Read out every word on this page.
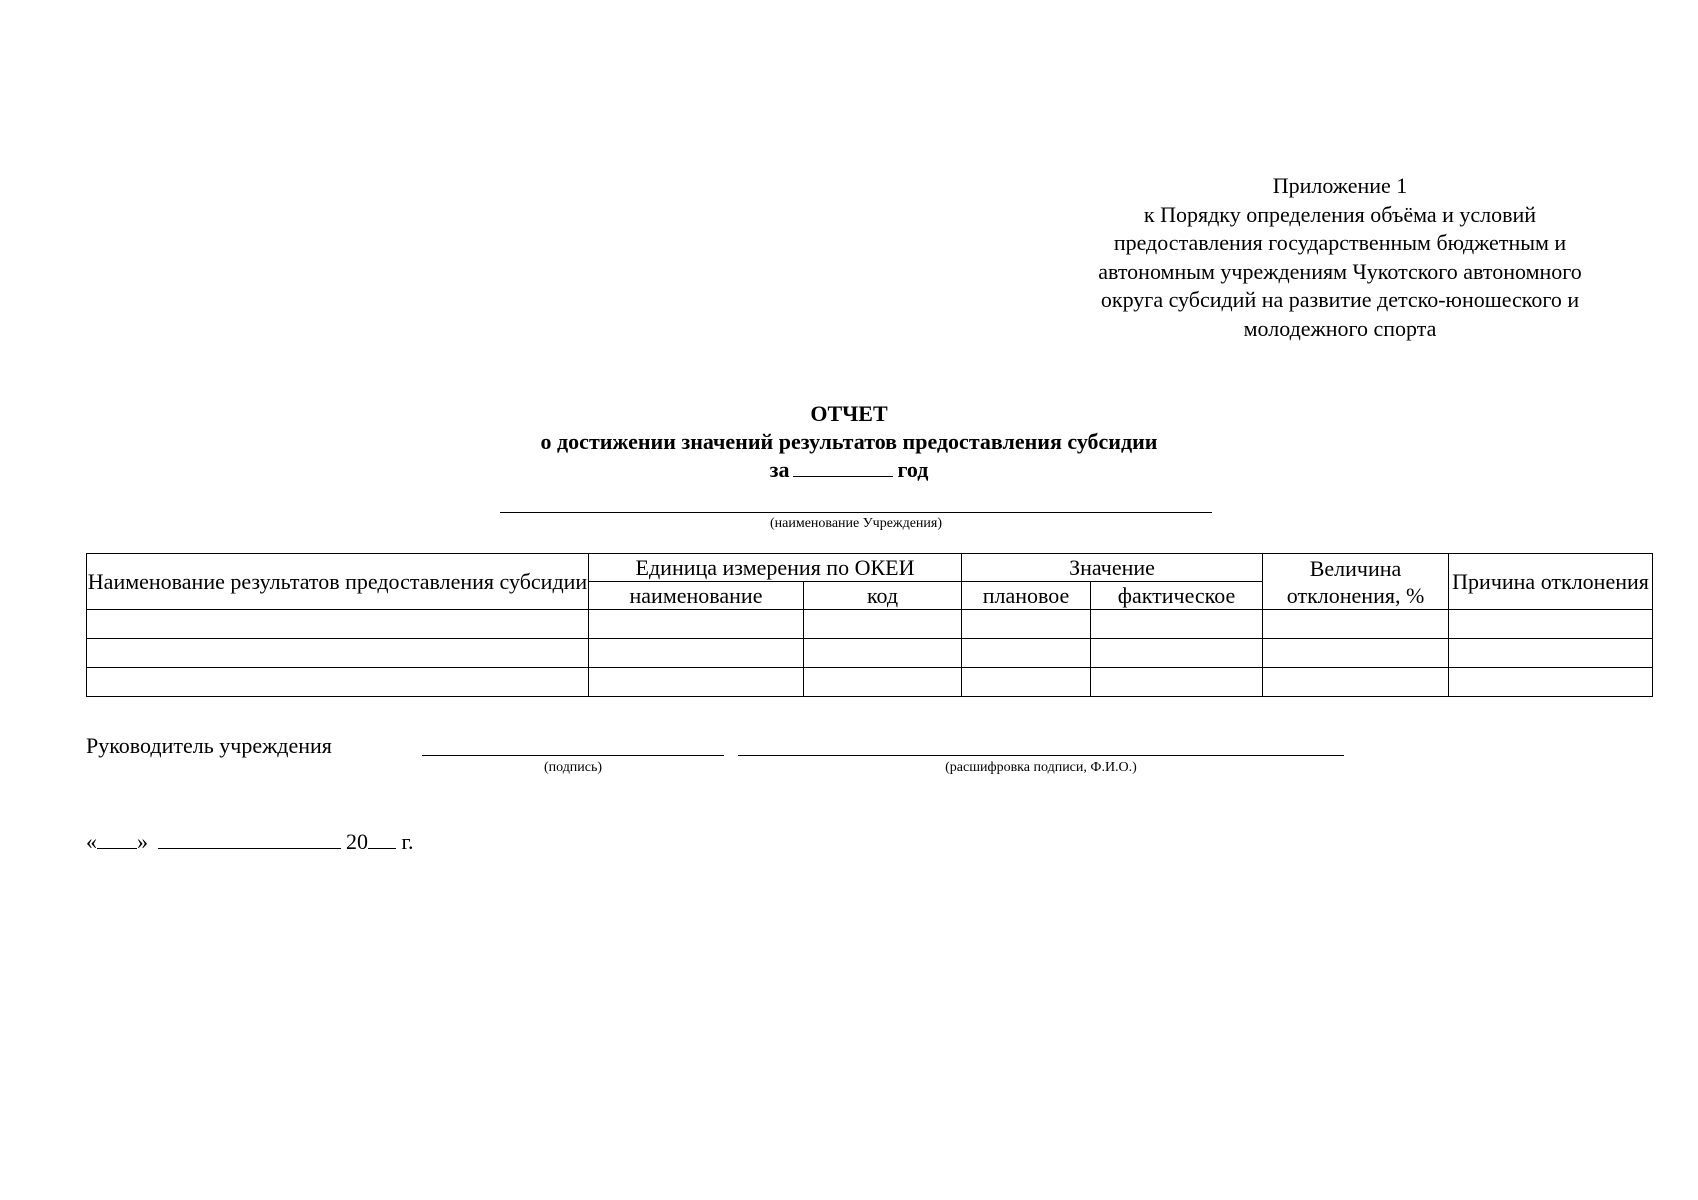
Приложение 1
к Порядку определения объёма и условий
предоставления государственным бюджетным и
автономным учреждениям Чукотского автономного
округа субсидий на развитие детско-юношеского и
молодежного спорта
ОТЧЕТ
о достижении значений результатов предоставления субсидии
за	год
(наименование Учреждения)
Наименование результатов предоставления субсидии	Единица измерения по ОКЕИ		Значение		Величина отклонения, %	Причина отклонения
	наименование	код	плановое	фактическое		

Руководитель учреждения
(подпись)	(расшифровка подписи, Ф.И.О.)
« »	20 г.
